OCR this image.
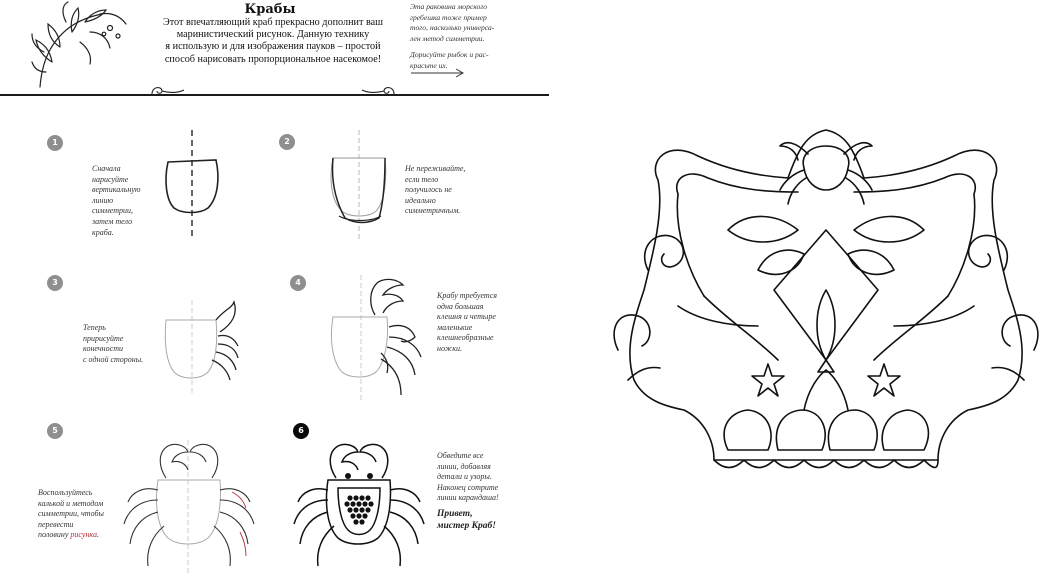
Крабы
Этот впечатляющий краб прекрасно дополнит ваш
маринистический рисунок. Данную технику
я использую и для изображения пауков – простой
способ нарисовать пропорциональное насекомое!
Эта раковина морского
гребешка тоже пример
того, насколько универса-
лен метод симметрии.
Дорисуйте рыбок и рас-
красьте их.
1
Сначала
нарисуйте
вертикальную
линию
симметрии,
затем тело
краба.
2
Не переживайте,
если тело
получилось не
идеально
симметричным.
3
Теперь
пририсуйте
конечности
с одной стороны.
4
Крабу требуется
одна большая
клешня и четыре
маленькие
клешнеобразные
ножки.
5
Воспользуйтесь
калькой и методом
симметрии, чтобы
перевести
половину рисунка.
6
Обведите все
линии, добавляя
детали и узоры.
Наконец сотрите
линии карандаша!
Привет,
мистер Краб!
